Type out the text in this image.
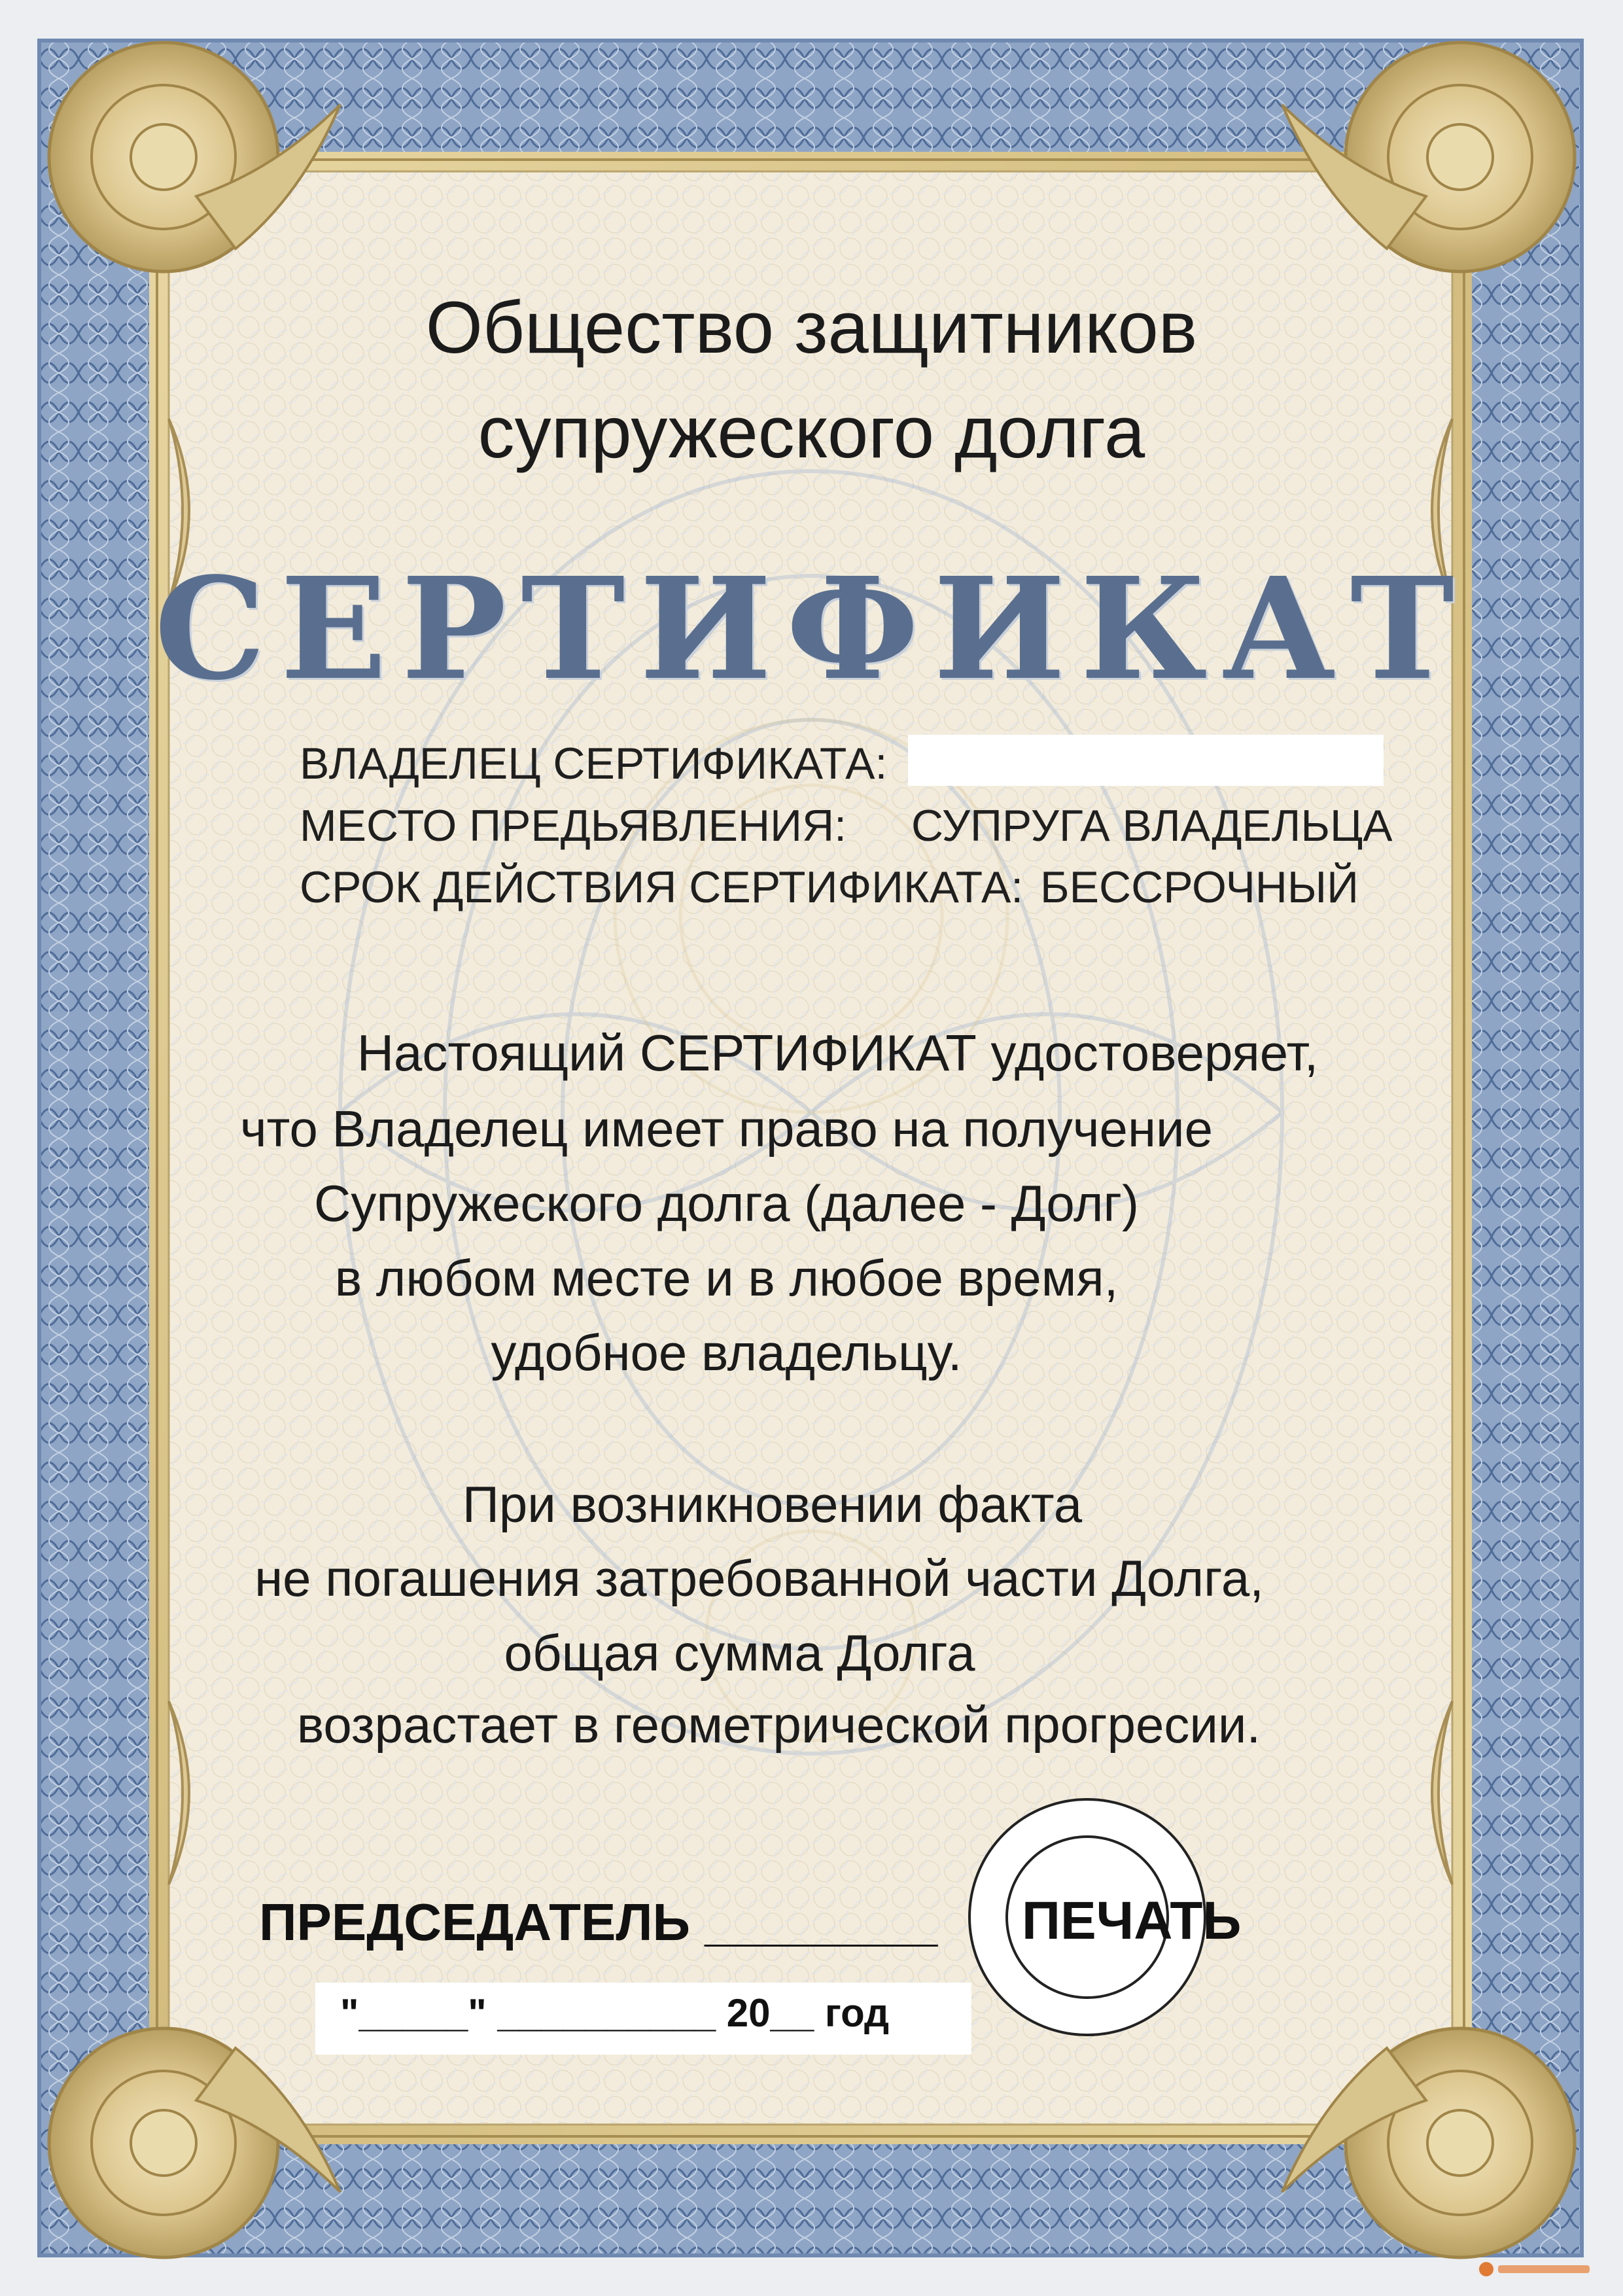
Общество защитников
супружеского долга
СЕРТИФИКАТ
ВЛАДЕЛЕЦ СЕРТИФИКАТА:
МЕСТО ПРЕДЬЯВЛЕНИЯ: СУПРУГА ВЛАДЕЛЬЦА
СРОК ДЕЙСТВИЯ СЕРТИФИКАТА: БЕССРОЧНЫЙ
Настоящий СЕРТИФИКАТ удостоверяет,
что Владелец имеет право на получение
Супружеского долга (далее - Долг)
в любом месте и в любое время,
удобное владельцу.
При возникновении факта
не погашения затребованной части Долга,
общая сумма Долга
возрастает в геометрической прогресии.
ПРЕДСЕДАТЕЛЬ ________
"_____" __________ 20__ год
ПЕЧАТЬ
